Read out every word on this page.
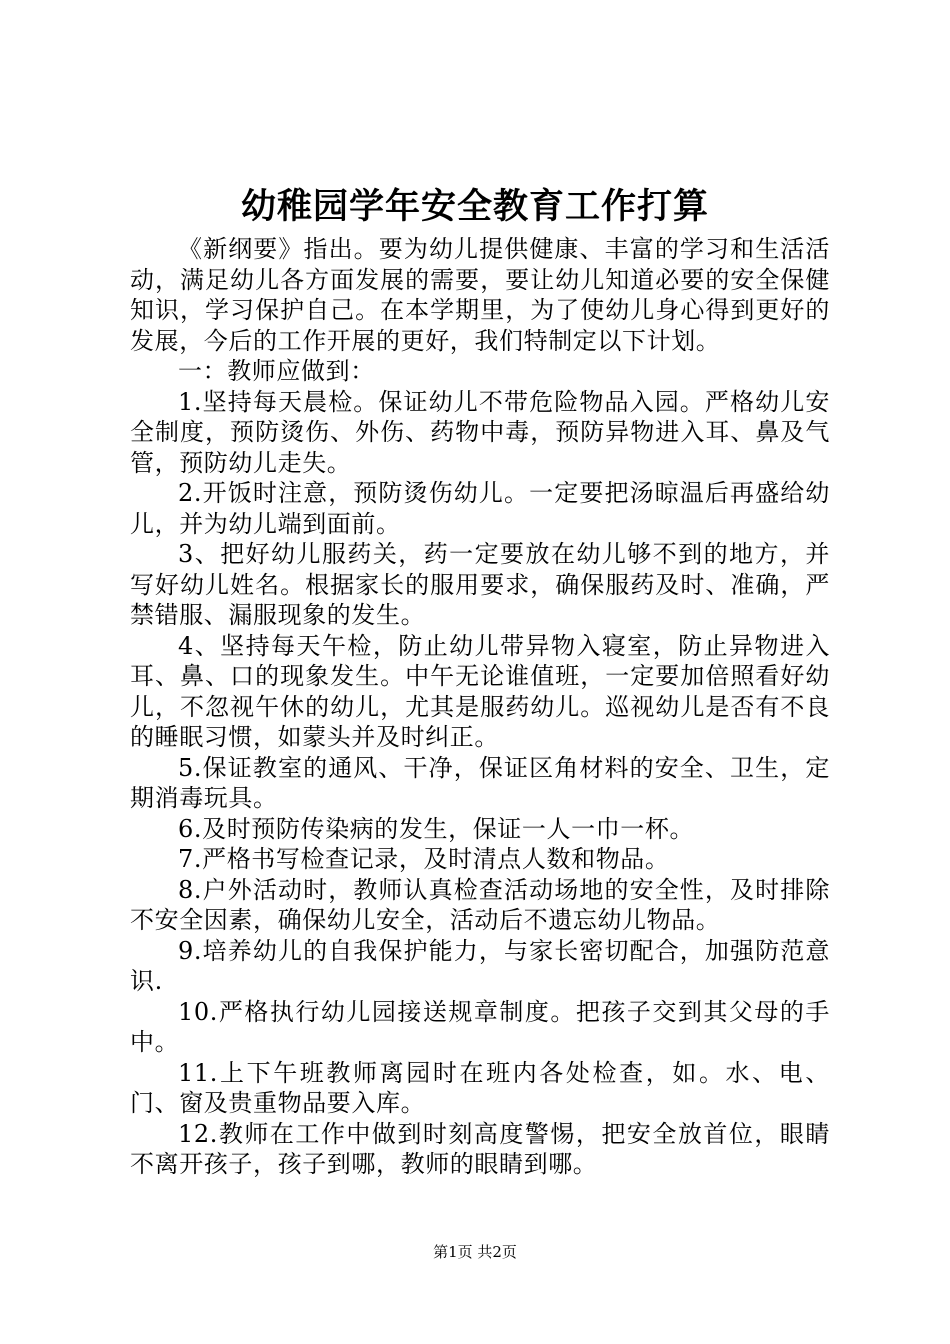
幼稚园学年安全教育工作打算

《新纲要》指出。要为幼儿提供健康、丰富的学习和生活活动，满足幼儿各方面发展的需要，要让幼儿知道必要的安全保健知识，学习保护自己。在本学期里，为了使幼儿身心得到更好的发展，今后的工作开展的更好，我们特制定以下计划。

一：教师应做到：

1.坚持每天晨检。保证幼儿不带危险物品入园。严格幼儿安全制度，预防烫伤、外伤、药物中毒，预防异物进入耳、鼻及气管，预防幼儿走失。

2.开饭时注意，预防烫伤幼儿。一定要把汤晾温后再盛给幼儿，并为幼儿端到面前。

3、把好幼儿服药关，药一定要放在幼儿够不到的地方，并写好幼儿姓名。根据家长的服用要求，确保服药及时、准确，严禁错服、漏服现象的发生。

4、坚持每天午检，防止幼儿带异物入寝室，防止异物进入耳、鼻、口的现象发生。中午无论谁值班，一定要加倍照看好幼儿，不忽视午休的幼儿，尤其是服药幼儿。巡视幼儿是否有不良的睡眠习惯，如蒙头并及时纠正。

5.保证教室的通风、干净，保证区角材料的安全、卫生，定期消毒玩具。

6.及时预防传染病的发生，保证一人一巾一杯。

7.严格书写检查记录，及时清点人数和物品。

8.户外活动时，教师认真检查活动场地的安全性，及时排除不安全因素，确保幼儿安全，活动后不遗忘幼儿物品。

9.培养幼儿的自我保护能力，与家长密切配合，加强防范意识.

10.严格执行幼儿园接送规章制度。把孩子交到其父母的手中。

11.上下午班教师离园时在班内各处检查，如。水、电、门、窗及贵重物品要入库。

12.教师在工作中做到时刻高度警惕，把安全放首位，眼睛不离开孩子，孩子到哪，教师的眼睛到哪。

第1页 共2页
